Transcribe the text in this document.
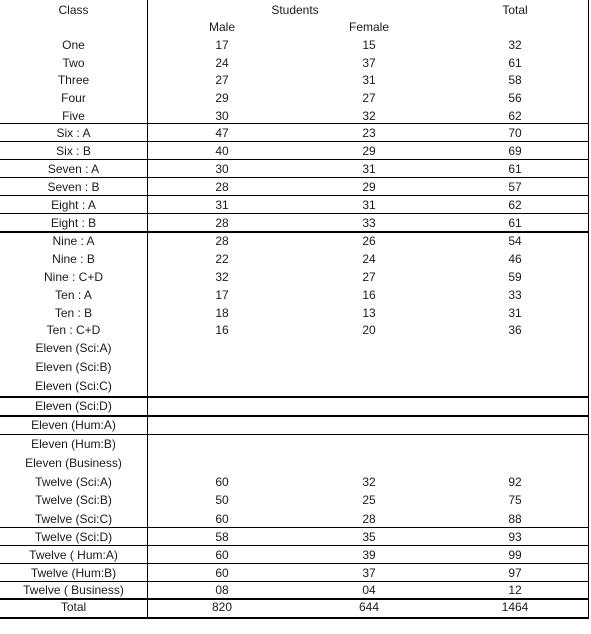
Class	Students	Total
Male	Female
One	17	15	32
Two	24	37	61
Three	27	31	58
Four	29	27	56
Five	30	32	62
Six : A	47	23	70
Six : B	40	29	69
Seven : A	30	31	61
Seven : B	28	29	57
Eight : A	31	31	62
Eight : B	28	33	61
Nine : A	28	26	54
Nine : B	22	24	46
Nine : C+D	32	27	59
Ten : A	17	16	33
Ten : B	18	13	31
Ten : C+D	16	20	36
Eleven (Sci:A)
Eleven (Sci:B)
Eleven (Sci:C)
Eleven (Sci:D)
Eleven (Hum:A)
Eleven (Hum:B)
Eleven (Business)
Twelve (Sci:A)	60	32	92
Twelve (Sci:B)	50	25	75
Twelve (Sci:C)	60	28	88
Twelve (Sci:D)	58	35	93
Twelve ( Hum:A)	60	39	99
Twelve (Hum:B)	60	37	97
Twelve ( Business)	08	04	12
Total	820	644	1464
